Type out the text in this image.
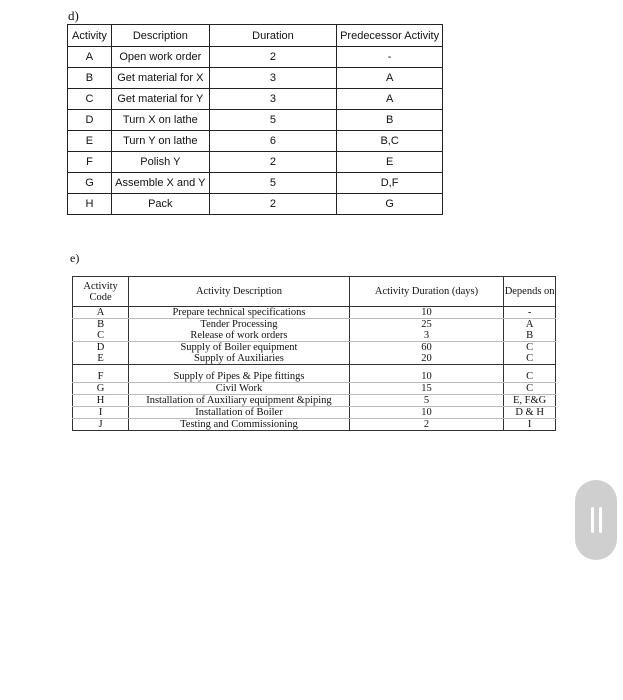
d)
Activity	Description	Duration	Predecessor Activity
A	Open work order	2	-
B	Get material for X	3	A
C	Get material for Y	3	A
D	Turn X on lathe	5	B
E	Turn Y on lathe	6	B,C
F	Polish Y	2	E
G	Assemble X and Y	5	D,F
H	Pack	2	G
e)
Activity Code	Activity Description	Activity Duration (days)	Depends on
A	Prepare technical specifications	10	-
B	Tender Processing	25	A
C	Release of work orders	3	B
D	Supply of Boiler equipment	60	C
E	Supply of Auxiliaries	20	C

F	Supply of Pipes & Pipe fittings	10	C
G	Civil Work	15	C
H	Installation of Auxiliary equipment &piping	5	E, F&G
I	Installation of Boiler	10	D & H
J	Testing and Commissioning	2	I
